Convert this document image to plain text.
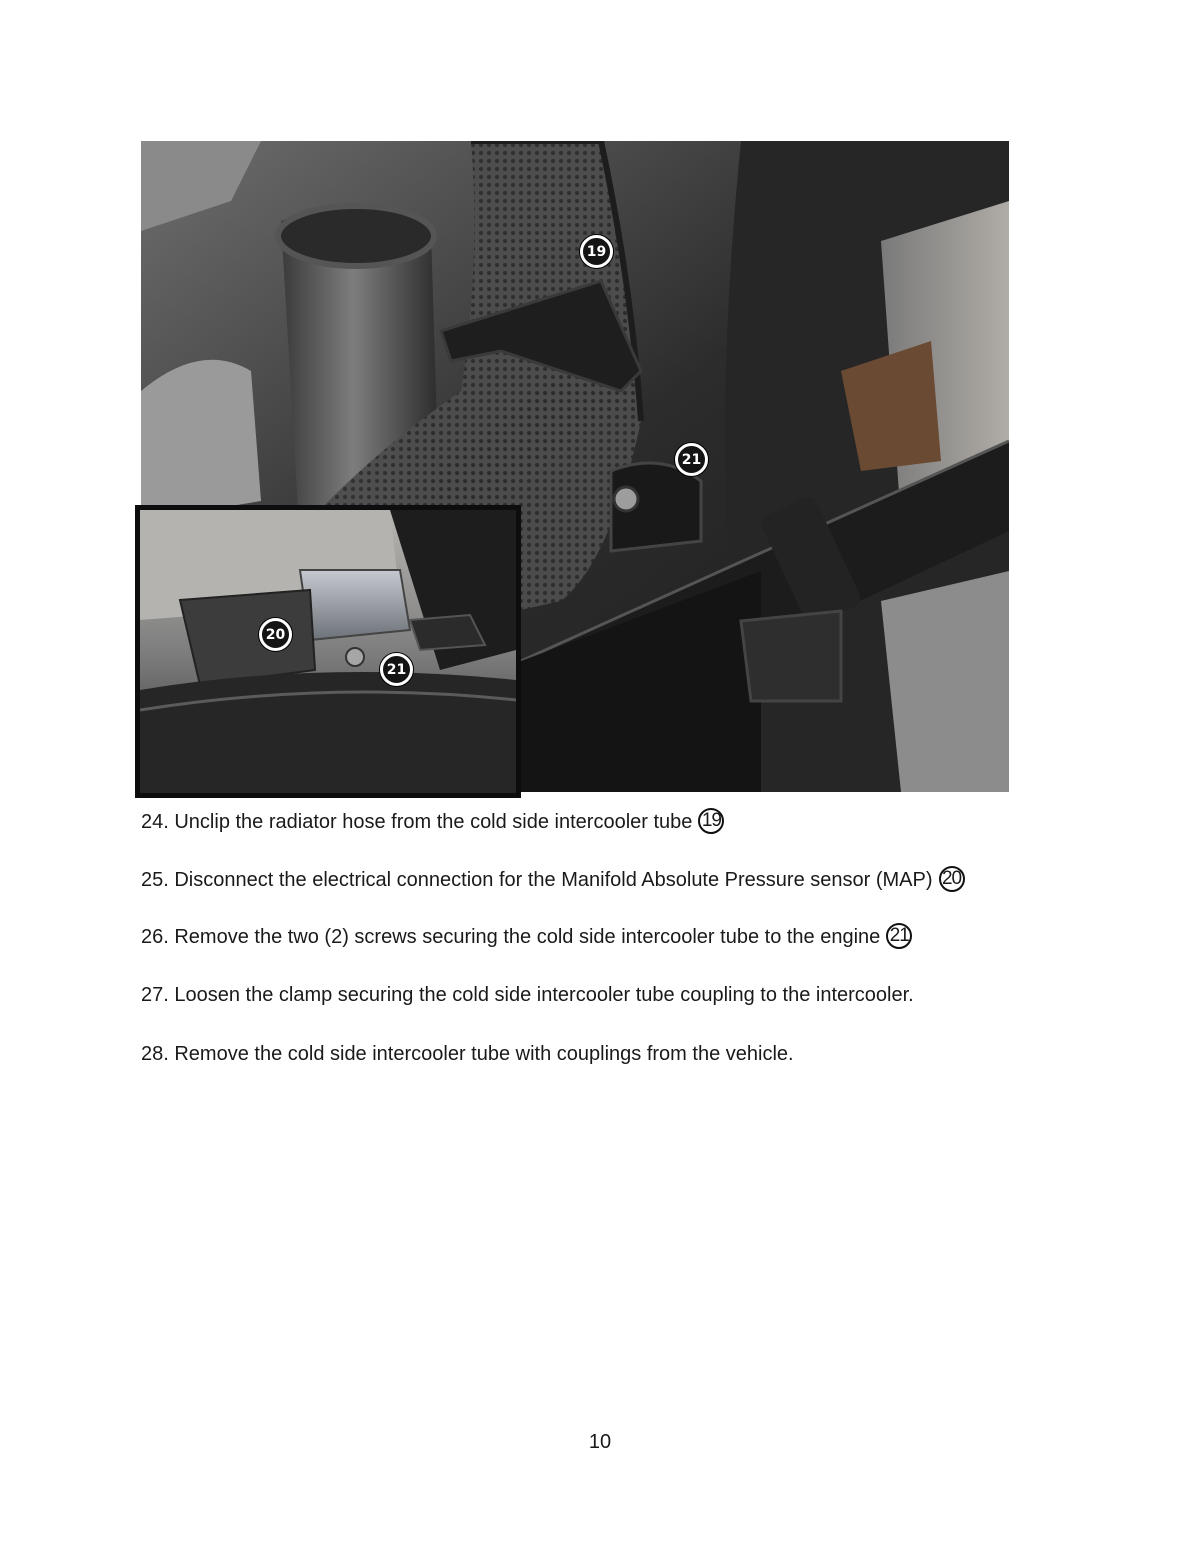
19
21
20
21
24. Unclip the radiator hose from the cold side intercooler tube 19
25. Disconnect the electrical connection for the Manifold Absolute Pressure sensor (MAP) 20
26. Remove the two (2) screws securing the cold side intercooler tube to the engine 21
27. Loosen the clamp securing the cold side intercooler tube coupling to the intercooler.
28. Remove the cold side intercooler tube with couplings from the vehicle.
10
